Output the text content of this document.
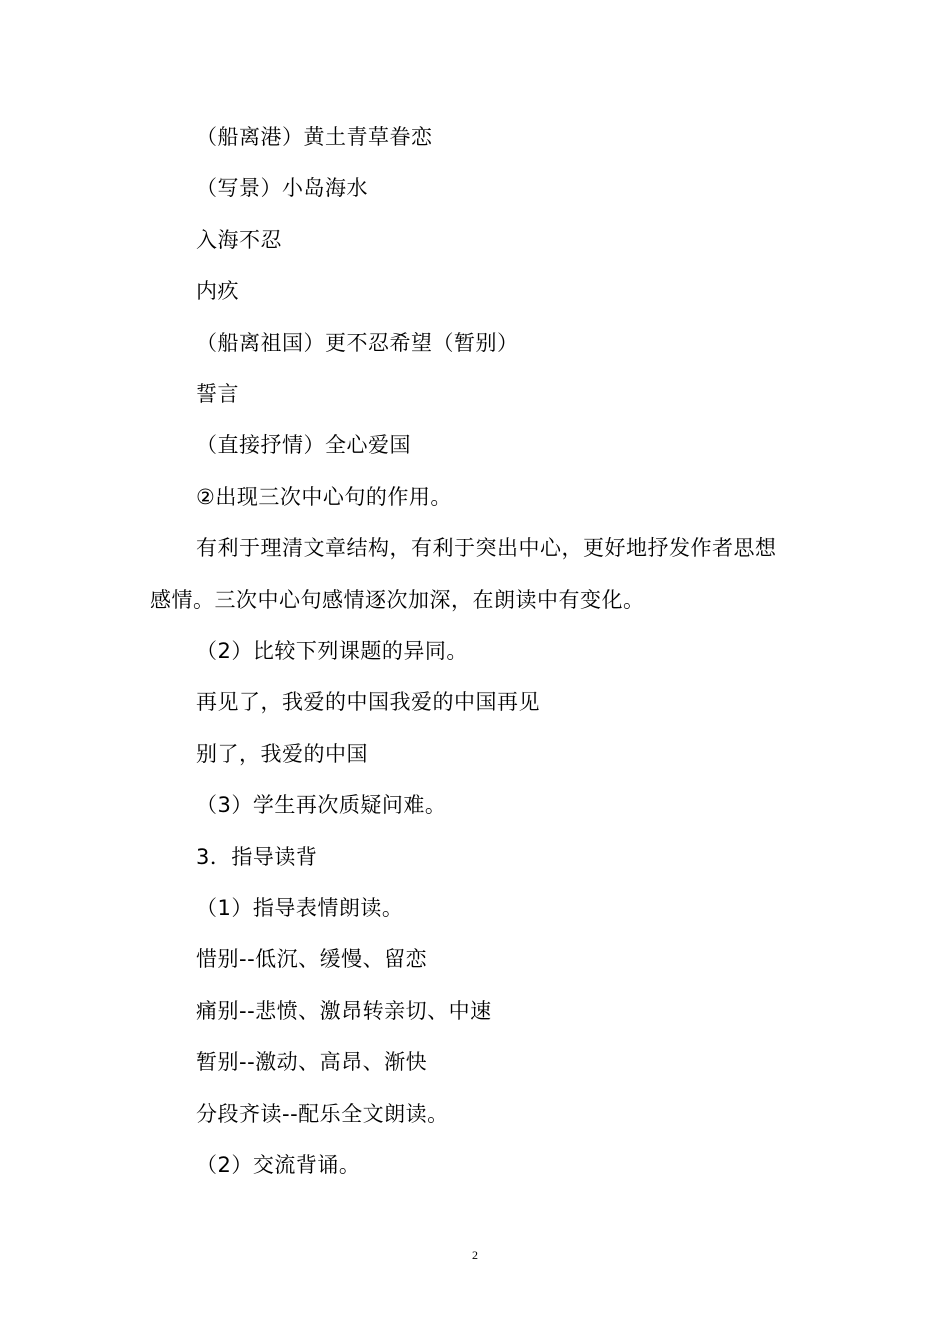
（船离港）黄土青草眷恋
（写景）小岛海水
入海不忍
内疚
（船离祖国）更不忍希望（暂别）
誓言
（直接抒情）全心爱国
②出现三次中心句的作用。
有利于理清文章结构，有利于突出中心，更好地抒发作者思想
感情。三次中心句感情逐次加深，在朗读中有变化。
（2）比较下列课题的异同。
再见了，我爱的中国我爱的中国再见
别了，我爱的中国
（3）学生再次质疑问难。
3．指导读背
（1）指导表情朗读。
惜别--低沉、缓慢、留恋
痛别--悲愤、激昂转亲切、中速
暂别--激动、高昂、渐快
分段齐读--配乐全文朗读。
（2）交流背诵。
2
